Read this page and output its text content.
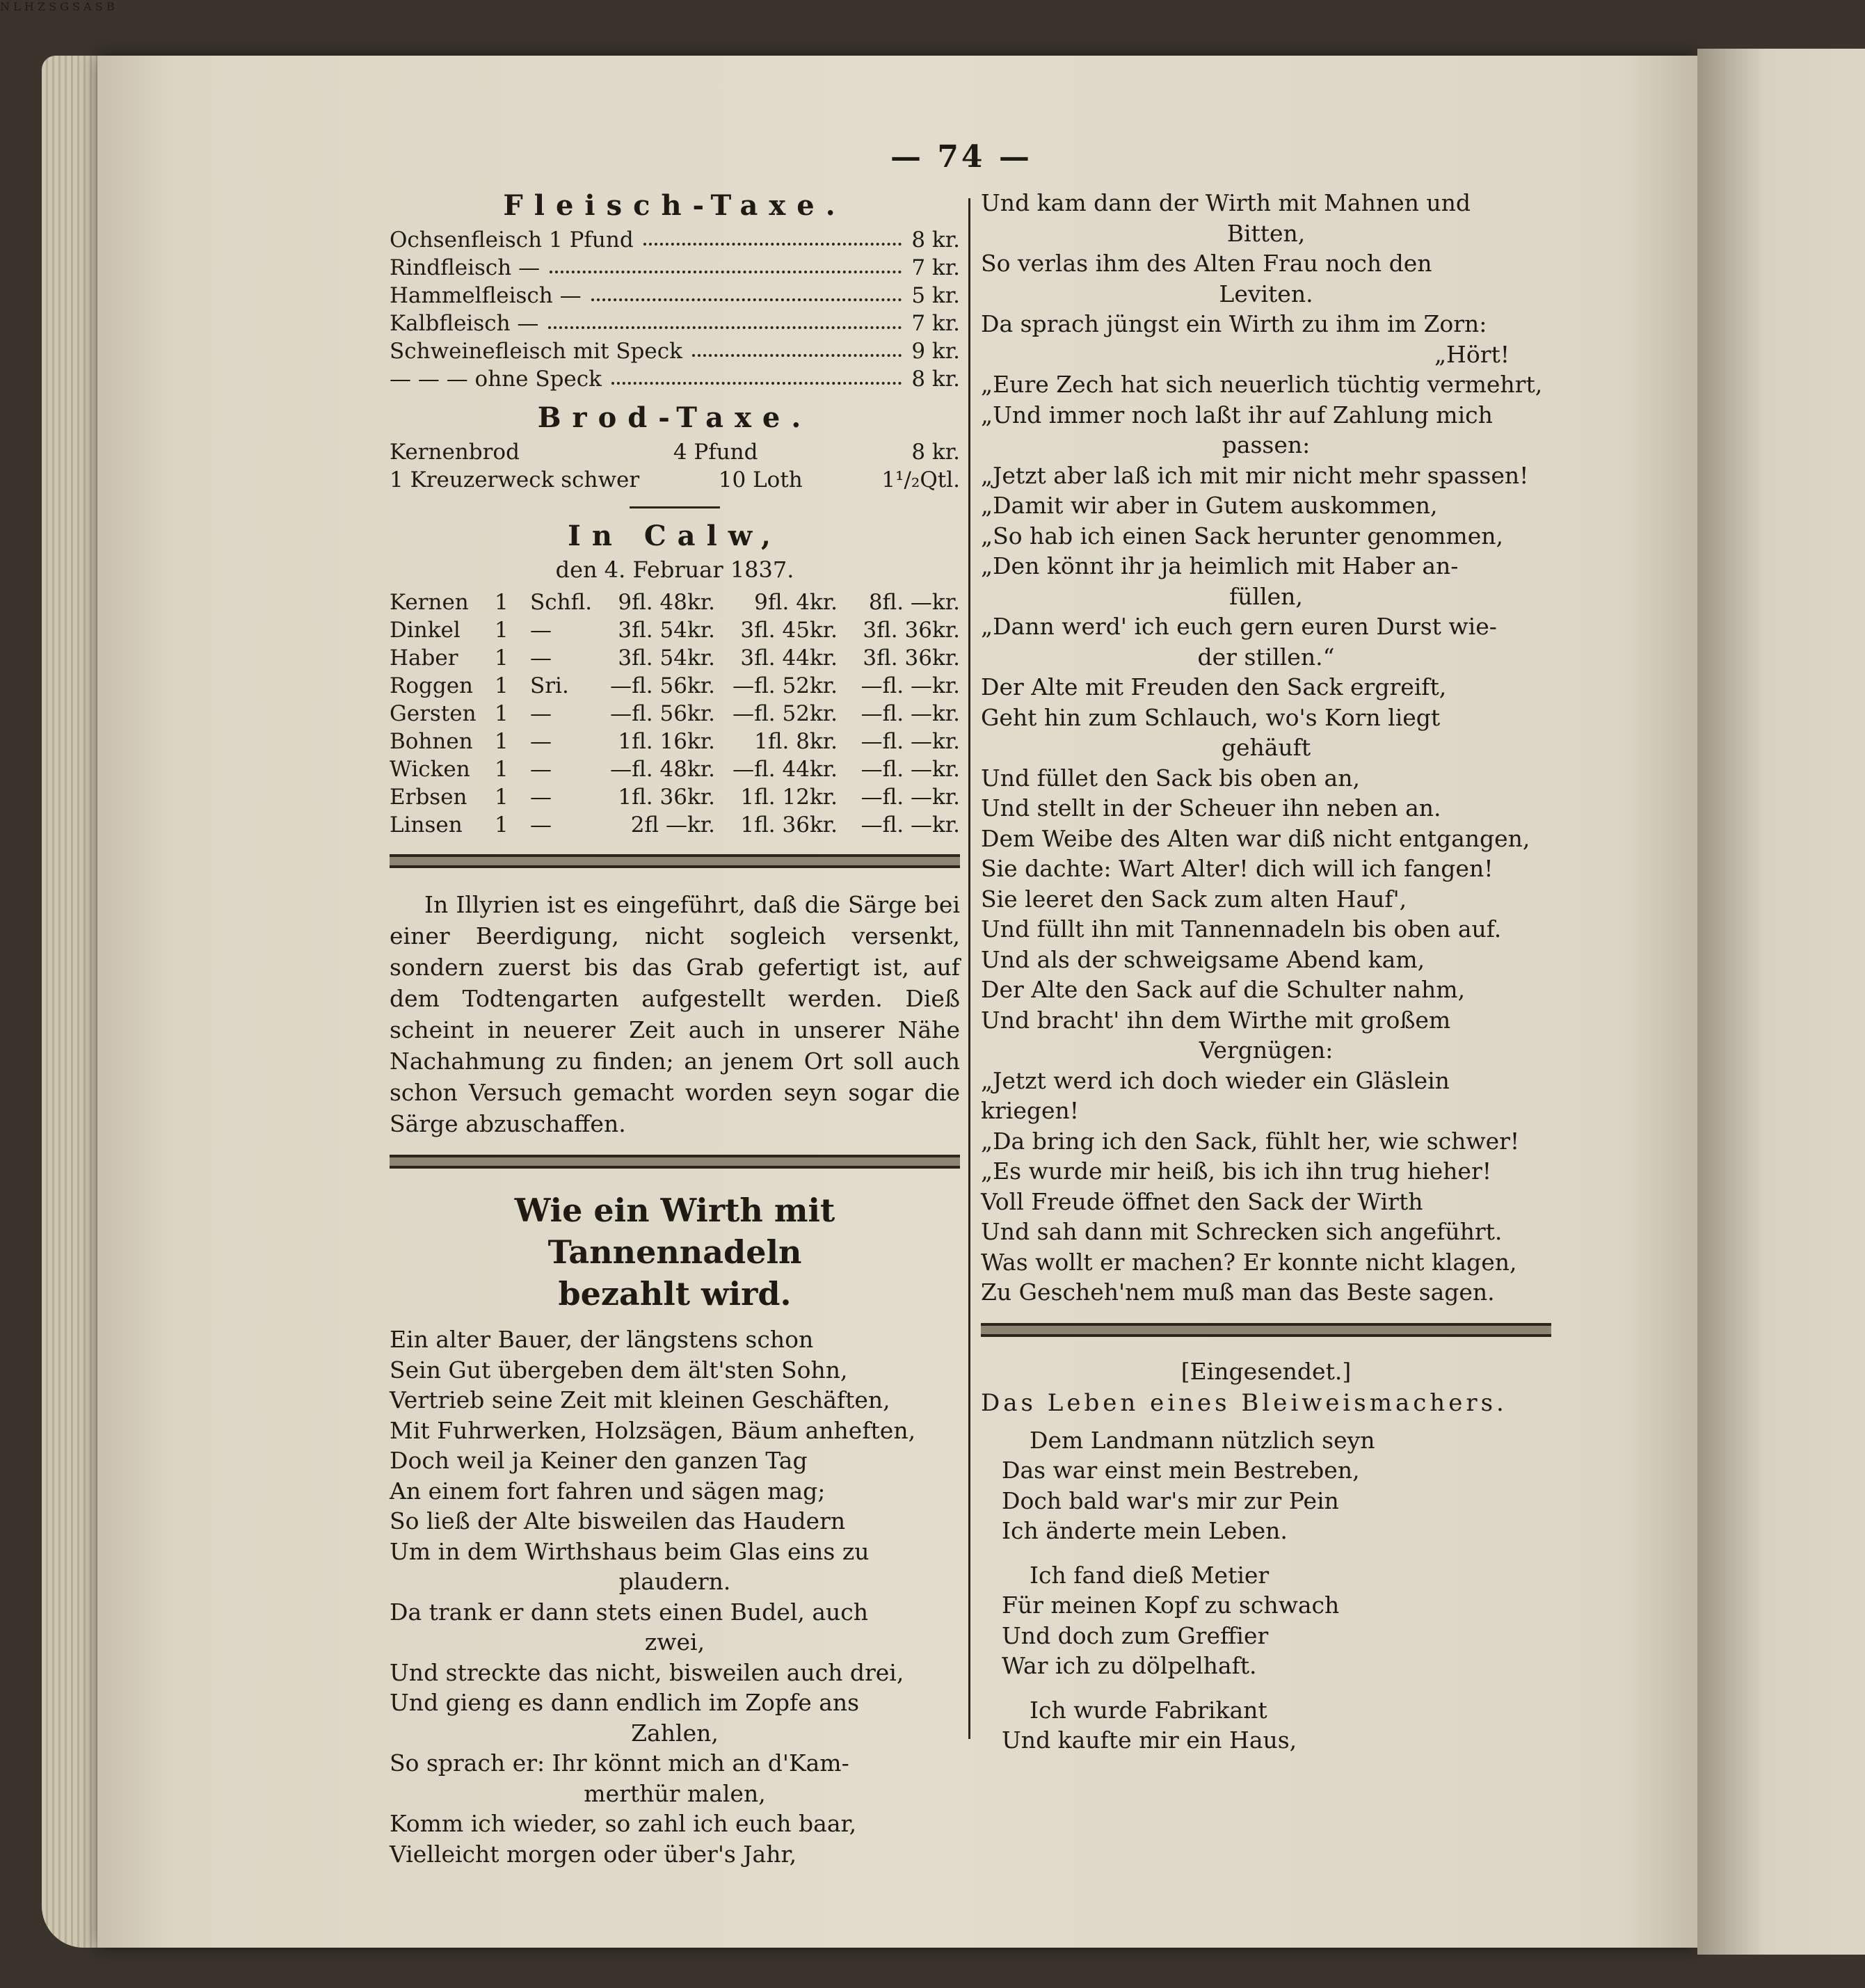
N L H Z S G S A S B
— 74 —
Fleisch-Taxe.
Ochsenfleisch 1 Pfund	8 kr.
Rindfleisch —	7 kr.
Hammelfleisch —	5 kr.
Kalbfleisch —	7 kr.
Schweinefleisch mit Speck	9 kr.
— — — ohne Speck	8 kr.
Brod-Taxe.
Kernenbrod	4 Pfund	8 kr.
1 Kreuzerweck schwer	10 Loth	1¹/₂Qtl.
In Calw,
den 4. Februar 1837.
Kernen	1	Schfl.	9fl. 48kr.	9fl. 4kr.	8fl. —kr.
Dinkel	1	—	3fl. 54kr.	3fl. 45kr.	3fl. 36kr.
Haber	1	—	3fl. 54kr.	3fl. 44kr.	3fl. 36kr.
Roggen 1	Sri.	—fl. 56kr. —fl. 52kr.	—fl. —kr.
Gersten 1	—	—fl. 56kr. —fl. 52kr.	—fl. —kr.
Bohnen	1	—	1fl. 16kr.	1fl. 8kr.	—fl. —kr.
Wicken	1	—	—fl. 48kr. —fl. 44kr.	—fl. —kr.
Erbsen	1	—	1fl. 36kr.	1fl. 12kr.	—fl. —kr.
Linsen	1	—	2fl —kr.	1fl. 36kr.	—fl. —kr.

In Illyrien ist es eingeführt, daß die Särge bei einer Beerdigung, nicht sogleich versenkt, sondern zuerst bis das Grab gefertigt ist, auf dem Todtengarten aufgestellt werden. Dieß scheint in neuerer Zeit auch in unserer Nähe Nachahmung zu finden; an jenem Ort soll auch schon Versuch gemacht worden seyn sogar die Särge abzuschaffen.

Wie ein Wirth mit Tannennadeln
bezahlt wird.
Ein alter Bauer, der längstens schon
Sein Gut übergeben dem ält'sten Sohn,
Vertrieb seine Zeit mit kleinen Geschäften,
Mit Fuhrwerken, Holzsägen, Bäum anheften,
Doch weil ja Keiner den ganzen Tag
An einem fort fahren und sägen mag;
So ließ der Alte bisweilen das Haudern
Um in dem Wirthshaus beim Glas eins zu
plaudern.
Da trank er dann stets einen Budel, auch
zwei,
Und streckte das nicht, bisweilen auch drei,
Und gieng es dann endlich im Zopfe ans
Zahlen,
So sprach er: Ihr könnt mich an d'Kam-
merthür malen,
Komm ich wieder, so zahl ich euch baar,
Vielleicht morgen oder über's Jahr,
Und kam dann der Wirth mit Mahnen und
Bitten,
So verlas ihm des Alten Frau noch den
Leviten.
Da sprach jüngst ein Wirth zu ihm im Zorn:
„Hört!
„Eure Zech hat sich neuerlich tüchtig vermehrt,
„Und immer noch laßt ihr auf Zahlung mich
passen:
„Jetzt aber laß ich mit mir nicht mehr spassen!
„Damit wir aber in Gutem auskommen,
„So hab ich einen Sack herunter genommen,
„Den könnt ihr ja heimlich mit Haber an-
füllen,
„Dann werd' ich euch gern euren Durst wie-
der stillen.“
Der Alte mit Freuden den Sack ergreift,
Geht hin zum Schlauch, wo's Korn liegt
gehäuft
Und füllet den Sack bis oben an,
Und stellt in der Scheuer ihn neben an.
Dem Weibe des Alten war diß nicht entgangen,
Sie dachte: Wart Alter! dich will ich fangen!
Sie leeret den Sack zum alten Hauf',
Und füllt ihn mit Tannennadeln bis oben auf.
Und als der schweigsame Abend kam,
Der Alte den Sack auf die Schulter nahm,
Und bracht' ihn dem Wirthe mit großem
Vergnügen:
„Jetzt werd ich doch wieder ein Gläslein kriegen!
„Da bring ich den Sack, fühlt her, wie schwer!
„Es wurde mir heiß, bis ich ihn trug hieher!
Voll Freude öffnet den Sack der Wirth
Und sah dann mit Schrecken sich angeführt.
Was wollt er machen? Er konnte nicht klagen,
Zu Gescheh'nem muß man das Beste sagen.
[Eingesendet.]
Das Leben eines Bleiweismachers.
Dem Landmann nützlich seyn
Das war einst mein Bestreben,
Doch bald war's mir zur Pein
Ich änderte mein Leben.
Ich fand dieß Metier
Für meinen Kopf zu schwach
Und doch zum Greffier
War ich zu dölpelhaft.
Ich wurde Fabrikant
Und kaufte mir ein Haus,
